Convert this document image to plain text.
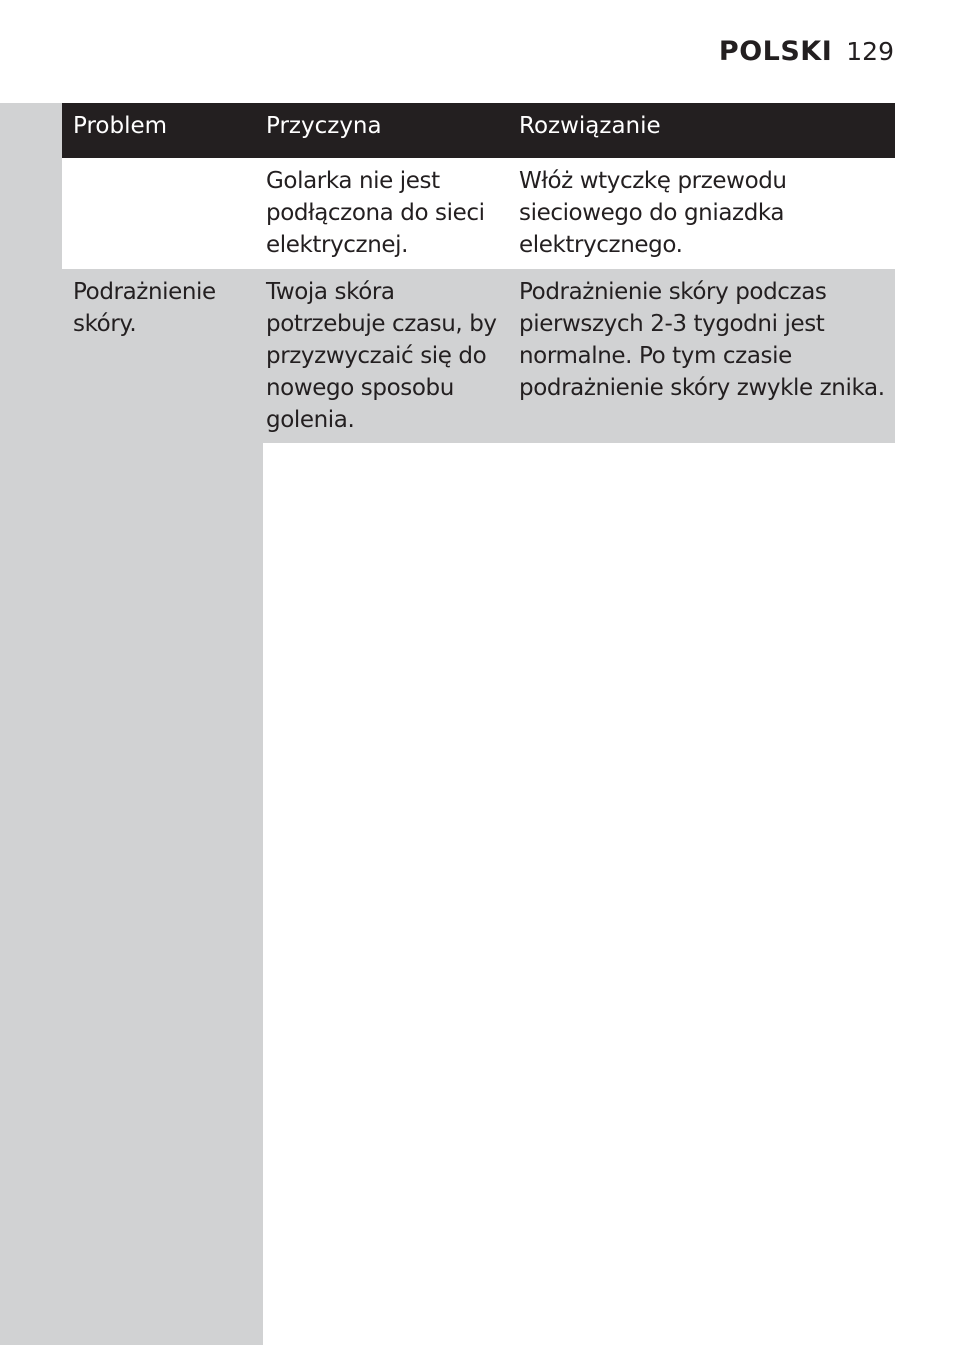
POLSKI 129
Problem	Przyczyna	Rozwiązanie
Golarka nie jest podłączona do sieci elektrycznej.
Włóż wtyczkę przewodu sieciowego do gniazdka elektrycznego.
Podrażnienie skóry.
Twoja skóra potrzebuje czasu, by przyzwyczaić się do nowego sposobu golenia.
Podrażnienie skóry podczas pierwszych 2-3 tygodni jest normalne. Po tym czasie podrażnienie skóry zwykle znika.
